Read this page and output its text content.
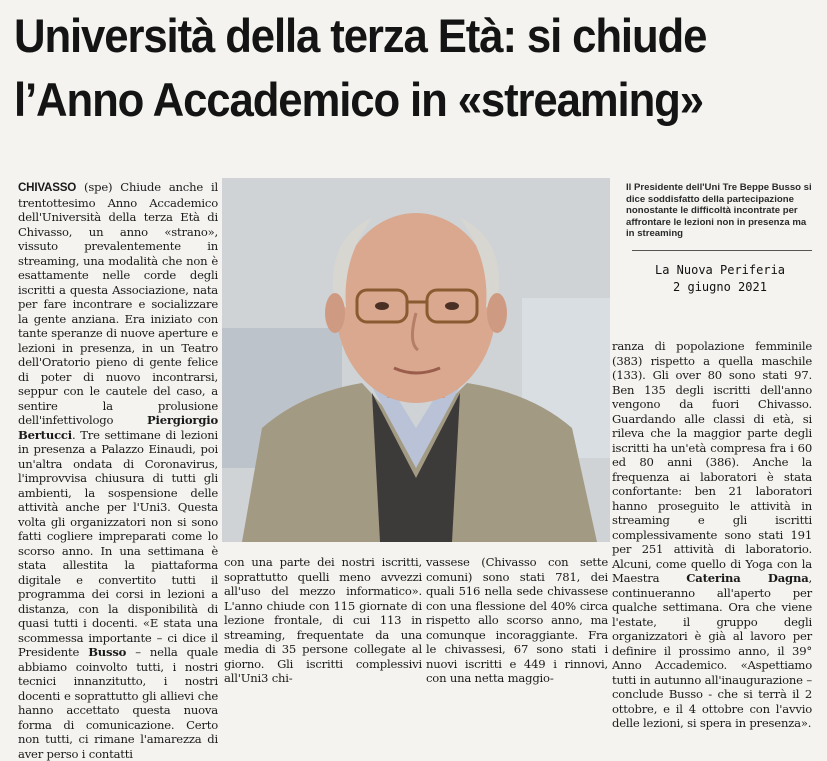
Università della terza Età: si chiude
l’Anno Accademico in «streaming»

CHIVASSO (spe) Chiude anche il trentottesimo Anno Accademico dell'Università della terza Età di Chivasso, un anno «strano», vissuto prevalentemente in streaming, una modalità che non è esattamente nelle corde degli iscritti a questa Associazione, nata per fare incontrare e socializzare la gente anziana. Era iniziato con tante speranze di nuove aperture e lezioni in presenza, in un Teatro dell'Oratorio pieno di gente felice di poter di nuovo incontrarsi, seppur con le cautele del caso, a sentire la prolusione dell'infettivologo Piergiorgio Bertucci. Tre settimane di lezioni in presenza a Palazzo Einaudi, poi un'altra ondata di Coronavirus, l'improvvisa chiusura di tutti gli ambienti, la sospensione delle attività anche per l'Uni3. Questa volta gli organizzatori non si sono fatti cogliere impreparati come lo scorso anno. In una settimana è stata allestita la piattaforma digitale e convertito tutti il programma dei corsi in lezioni a distanza, con la disponibilità di quasi tutti i docenti. «E stata una scommessa importante – ci dice il Presidente Busso – nella quale abbiamo coinvolto tutti, i nostri tecnici innanzitutto, i nostri docenti e soprattutto gli allievi che hanno accettato questa nuova forma di comunicazione. Certo non tutti, ci rimane l'amarezza di aver perso i contatti

Il Presidente dell'Uni Tre Beppe Busso si dice soddisfatto della partecipazione nonostante le difficoltà incontrate per affrontare le lezioni non in presenza ma in streaming
La Nuova Periferia
2 giugno 2021

con una parte dei nostri iscritti, soprattutto quelli meno avvezzi all'uso del mezzo informatico». L'anno chiude con 115 giornate di lezione frontale, di cui 113 in streaming, frequentate da una media di 35 persone collegate al giorno. Gli iscritti complessivi all'Uni3 chi-

vassese (Chivasso con sette comuni) sono stati 781, dei quali 516 nella sede chivassese con una flessione del 40% circa rispetto allo scorso anno, ma comunque incoraggiante. Fra le chivassesi, 67 sono stati i nuovi iscritti e 449 i rinnovi, con una netta maggio-

ranza di popolazione femminile (383) rispetto a quella maschile (133). Gli over 80 sono stati 97. Ben 135 degli iscritti dell'anno vengono da fuori Chivasso. Guardando alle classi di età, si rileva che la maggior parte degli iscritti ha un'età compresa fra i 60 ed 80 anni (386). Anche la frequenza ai laboratori è stata confortante: ben 21 laboratori hanno proseguito le attività in streaming e gli iscritti complessivamente sono stati 191 per 251 attività di laboratorio. Alcuni, come quello di Yoga con la Maestra Caterina Dagna, continueranno all'aperto per qualche settimana. Ora che viene l'estate, il gruppo degli organizzatori è già al lavoro per definire il prossimo anno, il 39° Anno Accademico. «Aspettiamo tutti in autunno all'inaugurazione – conclude Busso - che si terrà il 2 ottobre, e il 4 ottobre con l'avvio delle lezioni, si spera in presenza».
